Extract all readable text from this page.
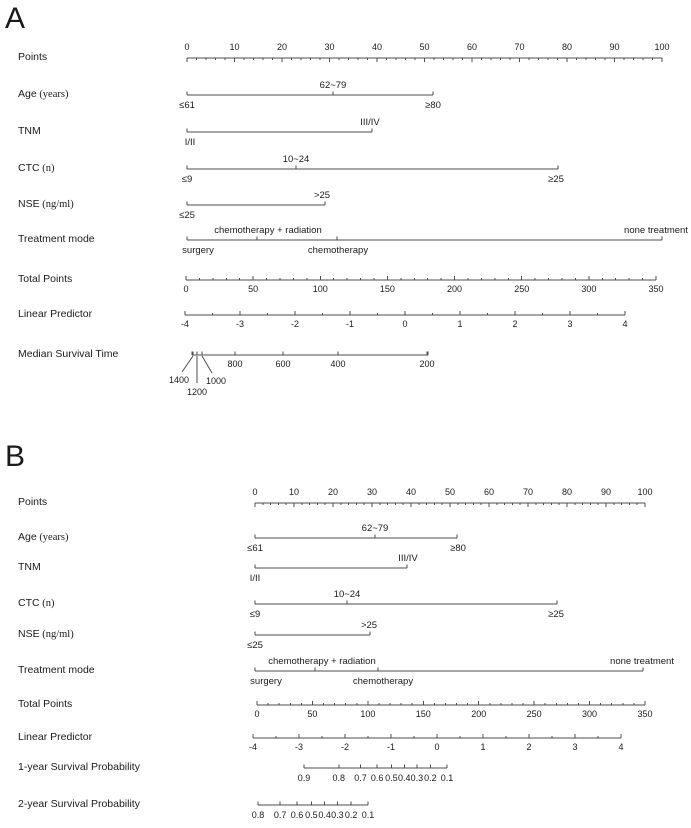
A
Points
0	10	20	30	40	50	60	70	80	90	100
Age (years)
≤61
62~79
≥80
TNM
I/II
III/IV
CTC (n)
≤9
10~24
≥25
NSE (ng/ml)
≤25
>25
Treatment mode
surgery
chemotherapy + radiation
chemotherapy
none treatment
Total Points
0	50	100	150	200	250	300	350
Linear Predictor
-4	-3	-2	-1	0	1	2	3	4
Median Survival Time
800	600	400	200
1400
1200
1000
B
Points
0	10	20	30	40	50	60	70	80	90	100
Age (years)
≤61
62~79
≥80
TNM
I/II
III/IV
CTC (n)
≤9
10~24
≥25
NSE (ng/ml)
≤25
>25
Treatment mode
surgery
chemotherapy + radiation
chemotherapy
none treatment
Total Points
0	50	100	150	200	250	300	350
Linear Predictor
-4	-3	-2	-1	0	1	2	3	4
1-year Survival Probability
0.9 0.8 0.7 0.6 0.5 0.4 0.3 0.2 0.1
2-year Survival Probability
0.8 0.7 0.6 0.5 0.4 0.3 0.2 0.1
